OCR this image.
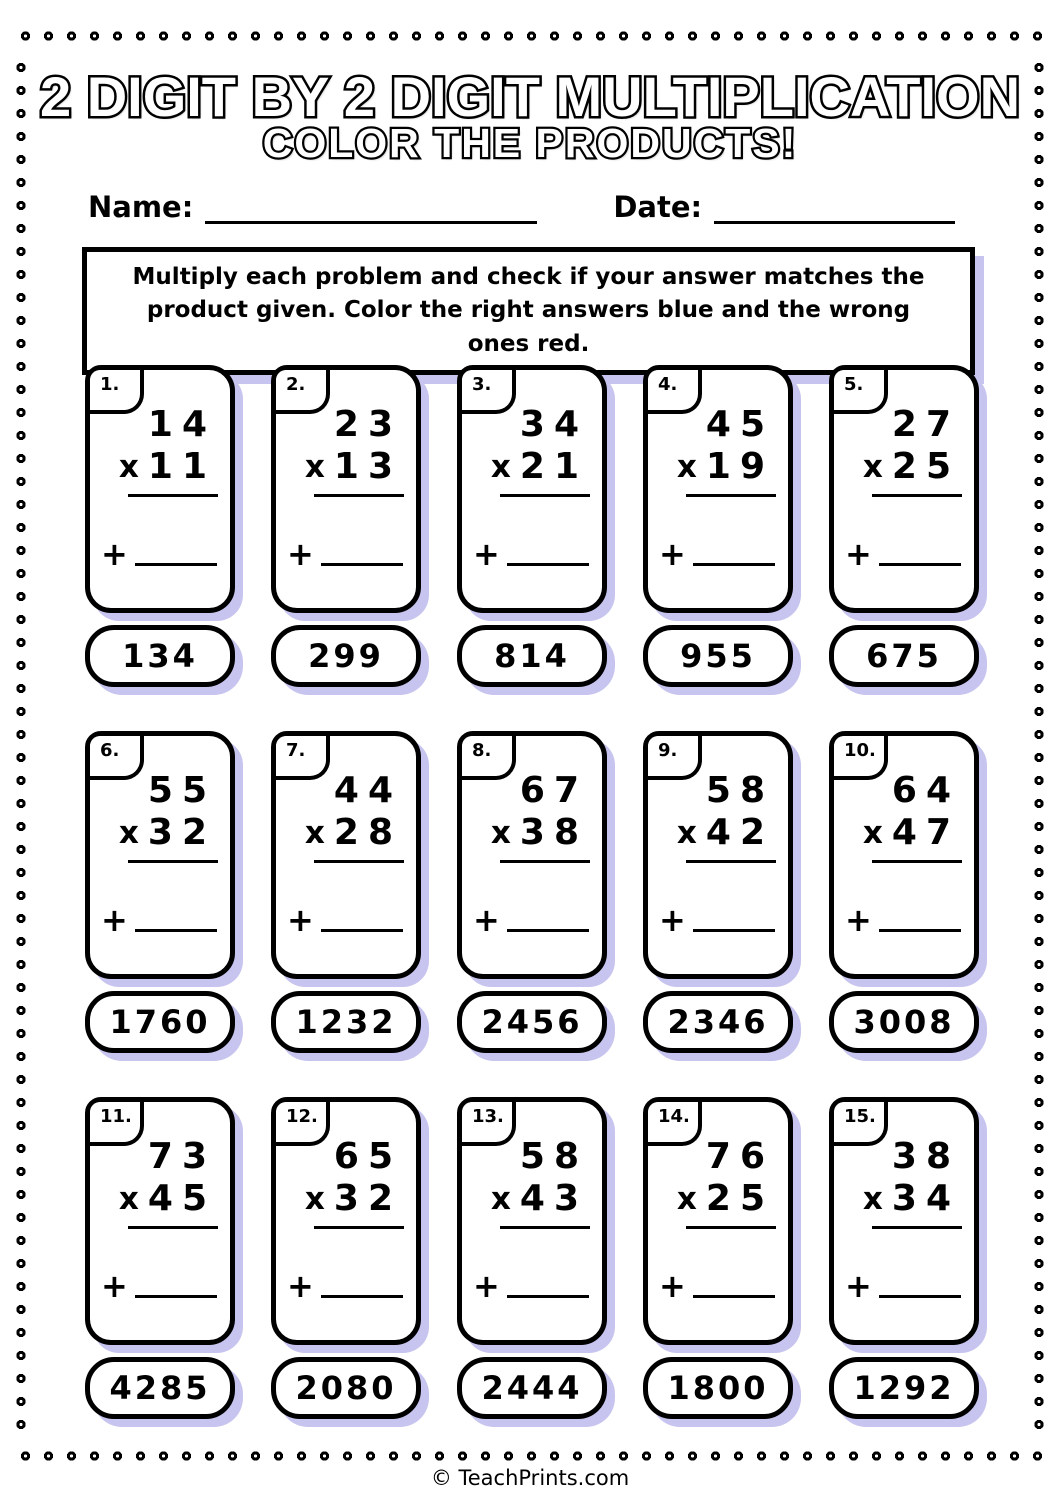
2 DIGIT BY 2 DIGIT MULTIPLICATION
COLOR THE PRODUCTS!
Name:	Date:
Multiply each problem and check if your answer matches the product given. Color the right answers blue and the wrong ones red.
1.
14
x 11
+
134
2.
23
x 13
+
299
3.
34
x 21
+
814
4.
45
x 19
+
955
5.
27
x 25
+
675
6.
55
x 32
+
1760
7.
44
x 28
+
1232
8.
67
x 38
+
2456
9.
58
x 42
+
2346
10.
64
x 47
+
3008
11.
73
x 45
+
4285
12.
65
x 32
+
2080
13.
58
x 43
+
2444
14.
76
x 25
+
1800
15.
38
x 34
+
1292
© TeachPrints.com
